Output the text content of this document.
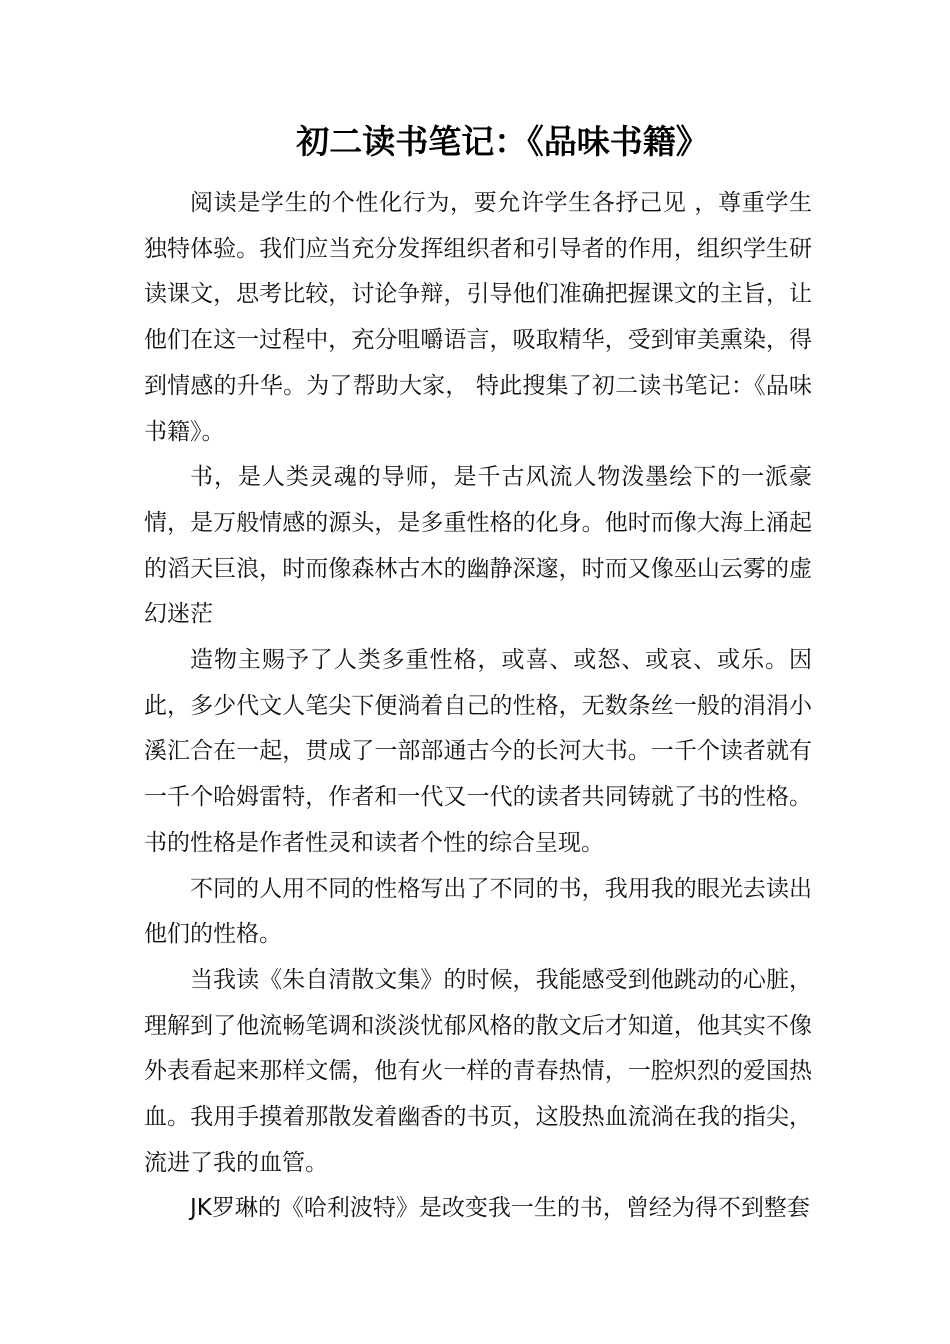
初二读书笔记：《品味书籍》

阅读是学生的个性化行为，要允许学生各抒己见 ，尊重学生独特体验。我们应当充分发挥组织者和引导者的作用，组织学生研读课文，思考比较，讨论争辩，引导他们准确把握课文的主旨，让他们在这一过程中，充分咀嚼语言，吸取精华，受到审美熏染，得到情感的升华。为了帮助大家， 特此搜集了初二读书笔记：《品味书籍》。

书，是人类灵魂的导师，是千古风流人物泼墨绘下的一派豪情，是万般情感的源头，是多重性格的化身。他时而像大海上涌起的滔天巨浪，时而像森林古木的幽静深邃，时而又像巫山云雾的虚幻迷茫

造物主赐予了人类多重性格，或喜、或怒、或哀、或乐。因此，多少代文人笔尖下便淌着自己的性格，无数条丝一般的涓涓小溪汇合在一起，贯成了一部部通古今的长河大书。一千个读者就有一千个哈姆雷特，作者和一代又一代的读者共同铸就了书的性格。书的性格是作者性灵和读者个性的综合呈现。

不同的人用不同的性格写出了不同的书，我用我的眼光去读出他们的性格。

当我读《朱自清散文集》的时候，我能感受到他跳动的心脏，理解到了他流畅笔调和淡淡忧郁风格的散文后才知道，他其实不像外表看起来那样文儒，他有火一样的青春热情，一腔炽烈的爱国热血。我用手摸着那散发着幽香的书页，这股热血流淌在我的指尖，流进了我的血管。

JK罗琳的《哈利波特》是改变我一生的书，曾经为得不到整套
